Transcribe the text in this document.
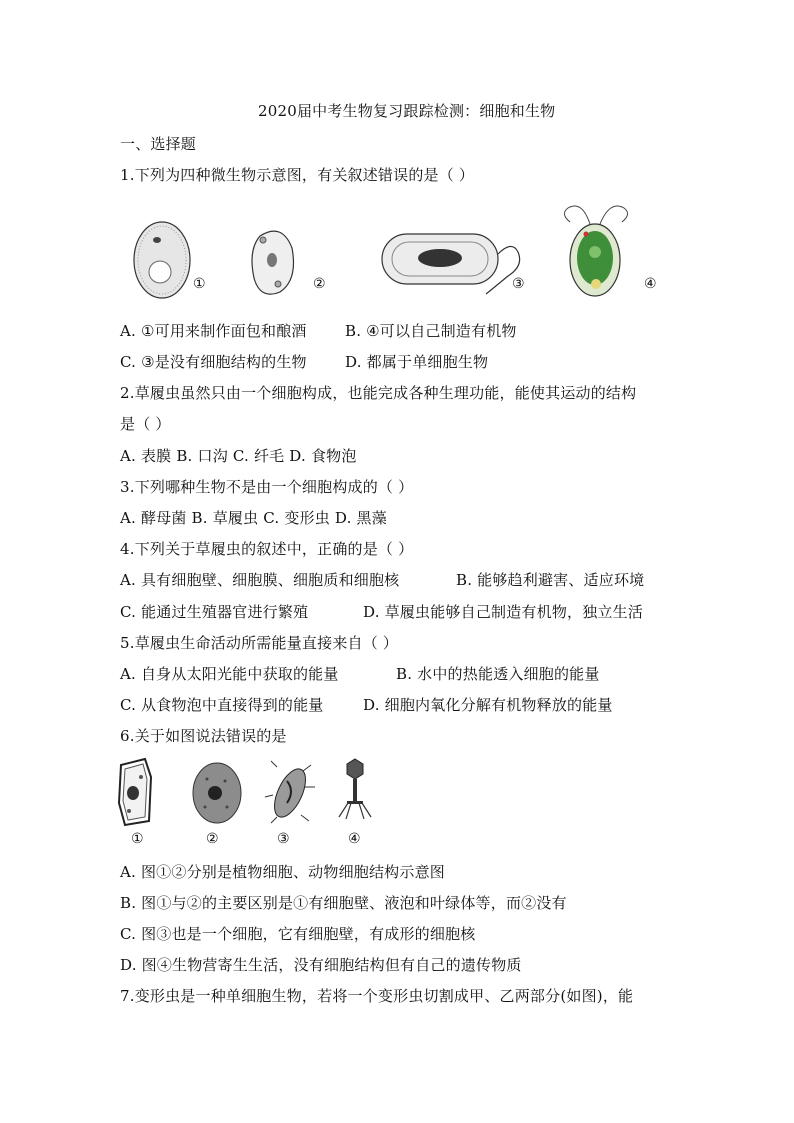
2020届中考生物复习跟踪检测：细胞和生物
一、选择题
1.下列为四种微生物示意图，有关叙述错误的是（ ）
①	②	③	④
A. ①可用来制作面包和酿酒	B. ④可以自己制造有机物
C. ③是没有细胞结构的生物	D. 都属于单细胞生物
2.草履虫虽然只由一个细胞构成，也能完成各种生理功能，能使其运动的结构
是（ ）
A. 表膜 B. 口沟 C. 纤毛 D. 食物泡
3.下列哪种生物不是由一个细胞构成的（ ）
A. 酵母菌 B. 草履虫 C. 变形虫 D. 黑藻
4.下列关于草履虫的叙述中，正确的是（ ）
A. 具有细胞壁、细胞膜、细胞质和细胞核	B. 能够趋利避害、适应环境
C. 能通过生殖器官进行繁殖	D. 草履虫能够自己制造有机物，独立生活
5.草履虫生命活动所需能量直接来自（ ）
A. 自身从太阳光能中获取的能量	B. 水中的热能透入细胞的能量
C. 从食物泡中直接得到的能量	D. 细胞内氧化分解有机物释放的能量
6.关于如图说法错误的是
①	②	③	④
A. 图①②分别是植物细胞、动物细胞结构示意图
B. 图①与②的主要区别是①有细胞壁、液泡和叶绿体等，而②没有
C. 图③也是一个细胞，它有细胞壁，有成形的细胞核
D. 图④生物营寄生生活，没有细胞结构但有自己的遗传物质
7.变形虫是一种单细胞生物，若将一个变形虫切割成甲、乙两部分(如图)，能
